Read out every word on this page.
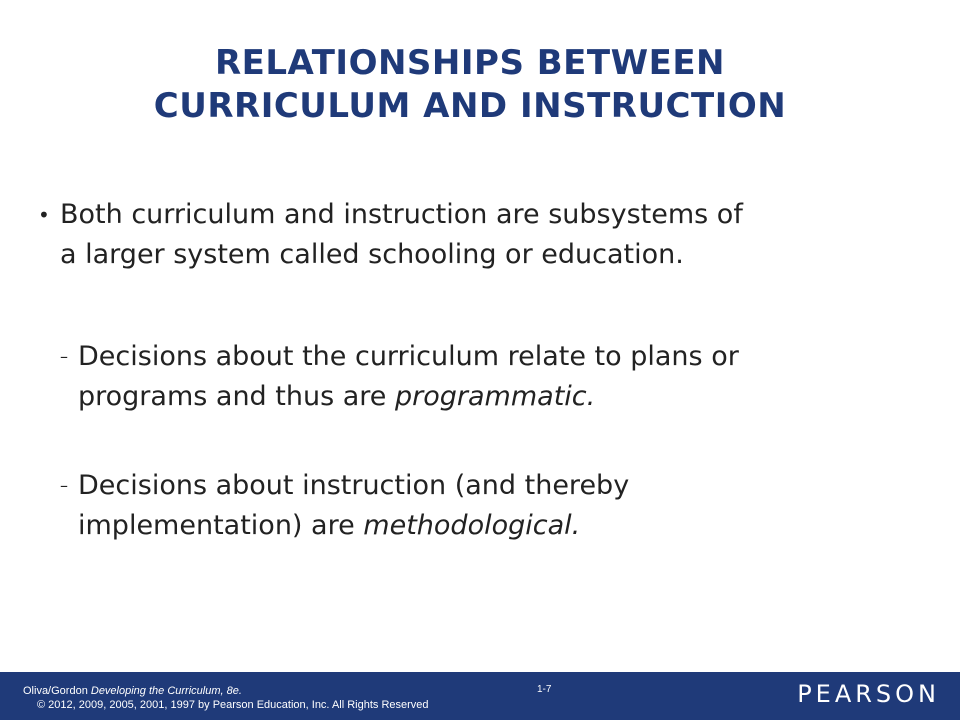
RELATIONSHIPS BETWEEN
CURRICULUM AND INSTRUCTION
• Both curriculum and instruction are subsystems of
a larger system called schooling or education.
– Decisions about the curriculum relate to plans or
programs and thus are programmatic.
– Decisions about instruction (and thereby
implementation) are methodological.
Oliva/Gordon Developing the Curriculum, 8e.
© 2012, 2009, 2005, 2001, 1997 by Pearson Education, Inc. All Rights Reserved
1-7	PEARSON
